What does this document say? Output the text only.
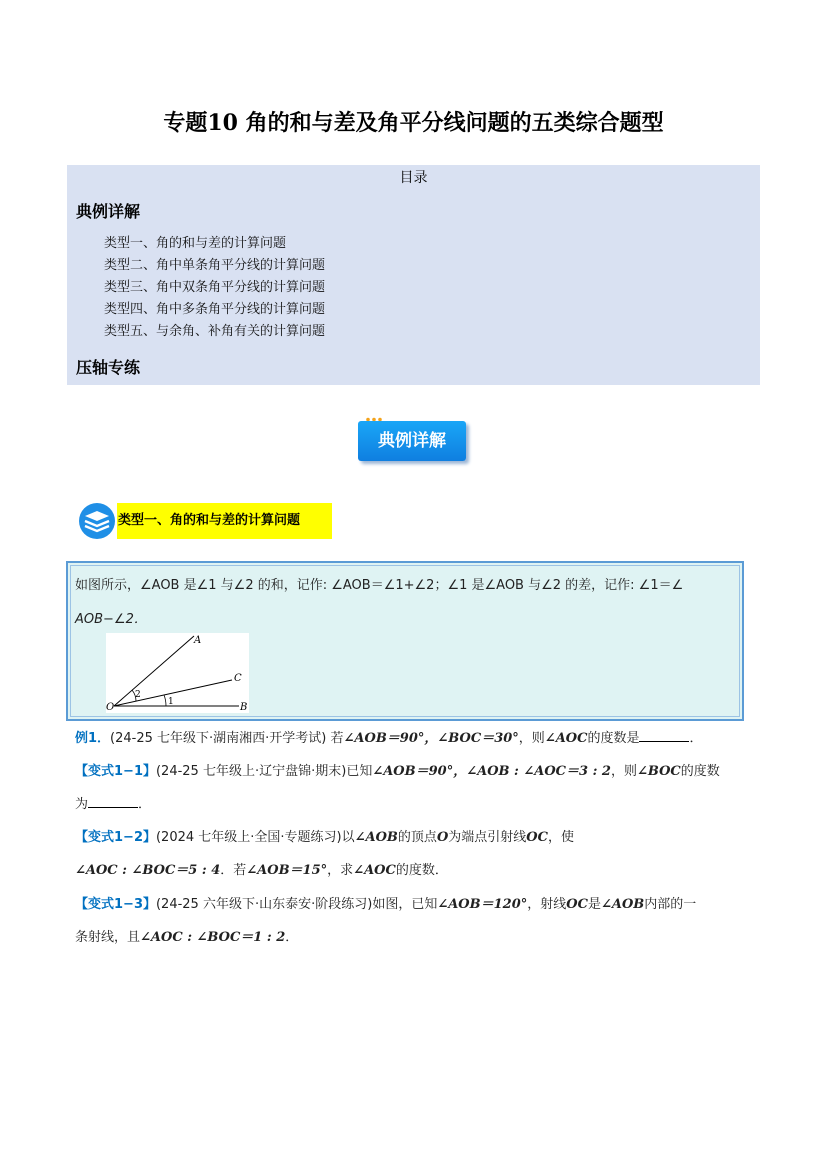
专题10 角的和与差及角平分线问题的五类综合题型
目录
典例详解
类型一、角的和与差的计算问题
类型二、角中单条角平分线的计算问题
类型三、角中双条角平分线的计算问题
类型四、角中多条角平分线的计算问题
类型五、与余角、补角有关的计算问题
压轴专练
典例详解
类型一、角的和与差的计算问题
如图所示，∠AOB 是∠1 与∠2 的和，记作: ∠AOB＝∠1+∠2；∠1 是∠AOB 与∠2 的差，记作: ∠1＝∠
AOB−∠2．
A
C
B
O
2
1
例1．(24-25 七年级下·湖南湘西·开学考试) 若∠AOB＝90°，∠BOC＝30°，则∠AOC的度数是	．
【变式1−1】(24-25 七年级上·辽宁盘锦·期末)已知∠AOB＝90°，∠AOB : ∠AOC＝3 : 2，则∠BOC的度数
为	．
【变式1−2】(2024 七年级上·全国·专题练习)以∠AOB的顶点O为端点引射线OC，使
∠AOC : ∠BOC＝5 : 4．若∠AOB＝15°，求∠AOC的度数．
【变式1−3】(24-25 六年级下·山东泰安·阶段练习)如图，已知∠AOB＝120°，射线OC是∠AOB内部的一
条射线，且∠AOC : ∠BOC＝1 : 2．
